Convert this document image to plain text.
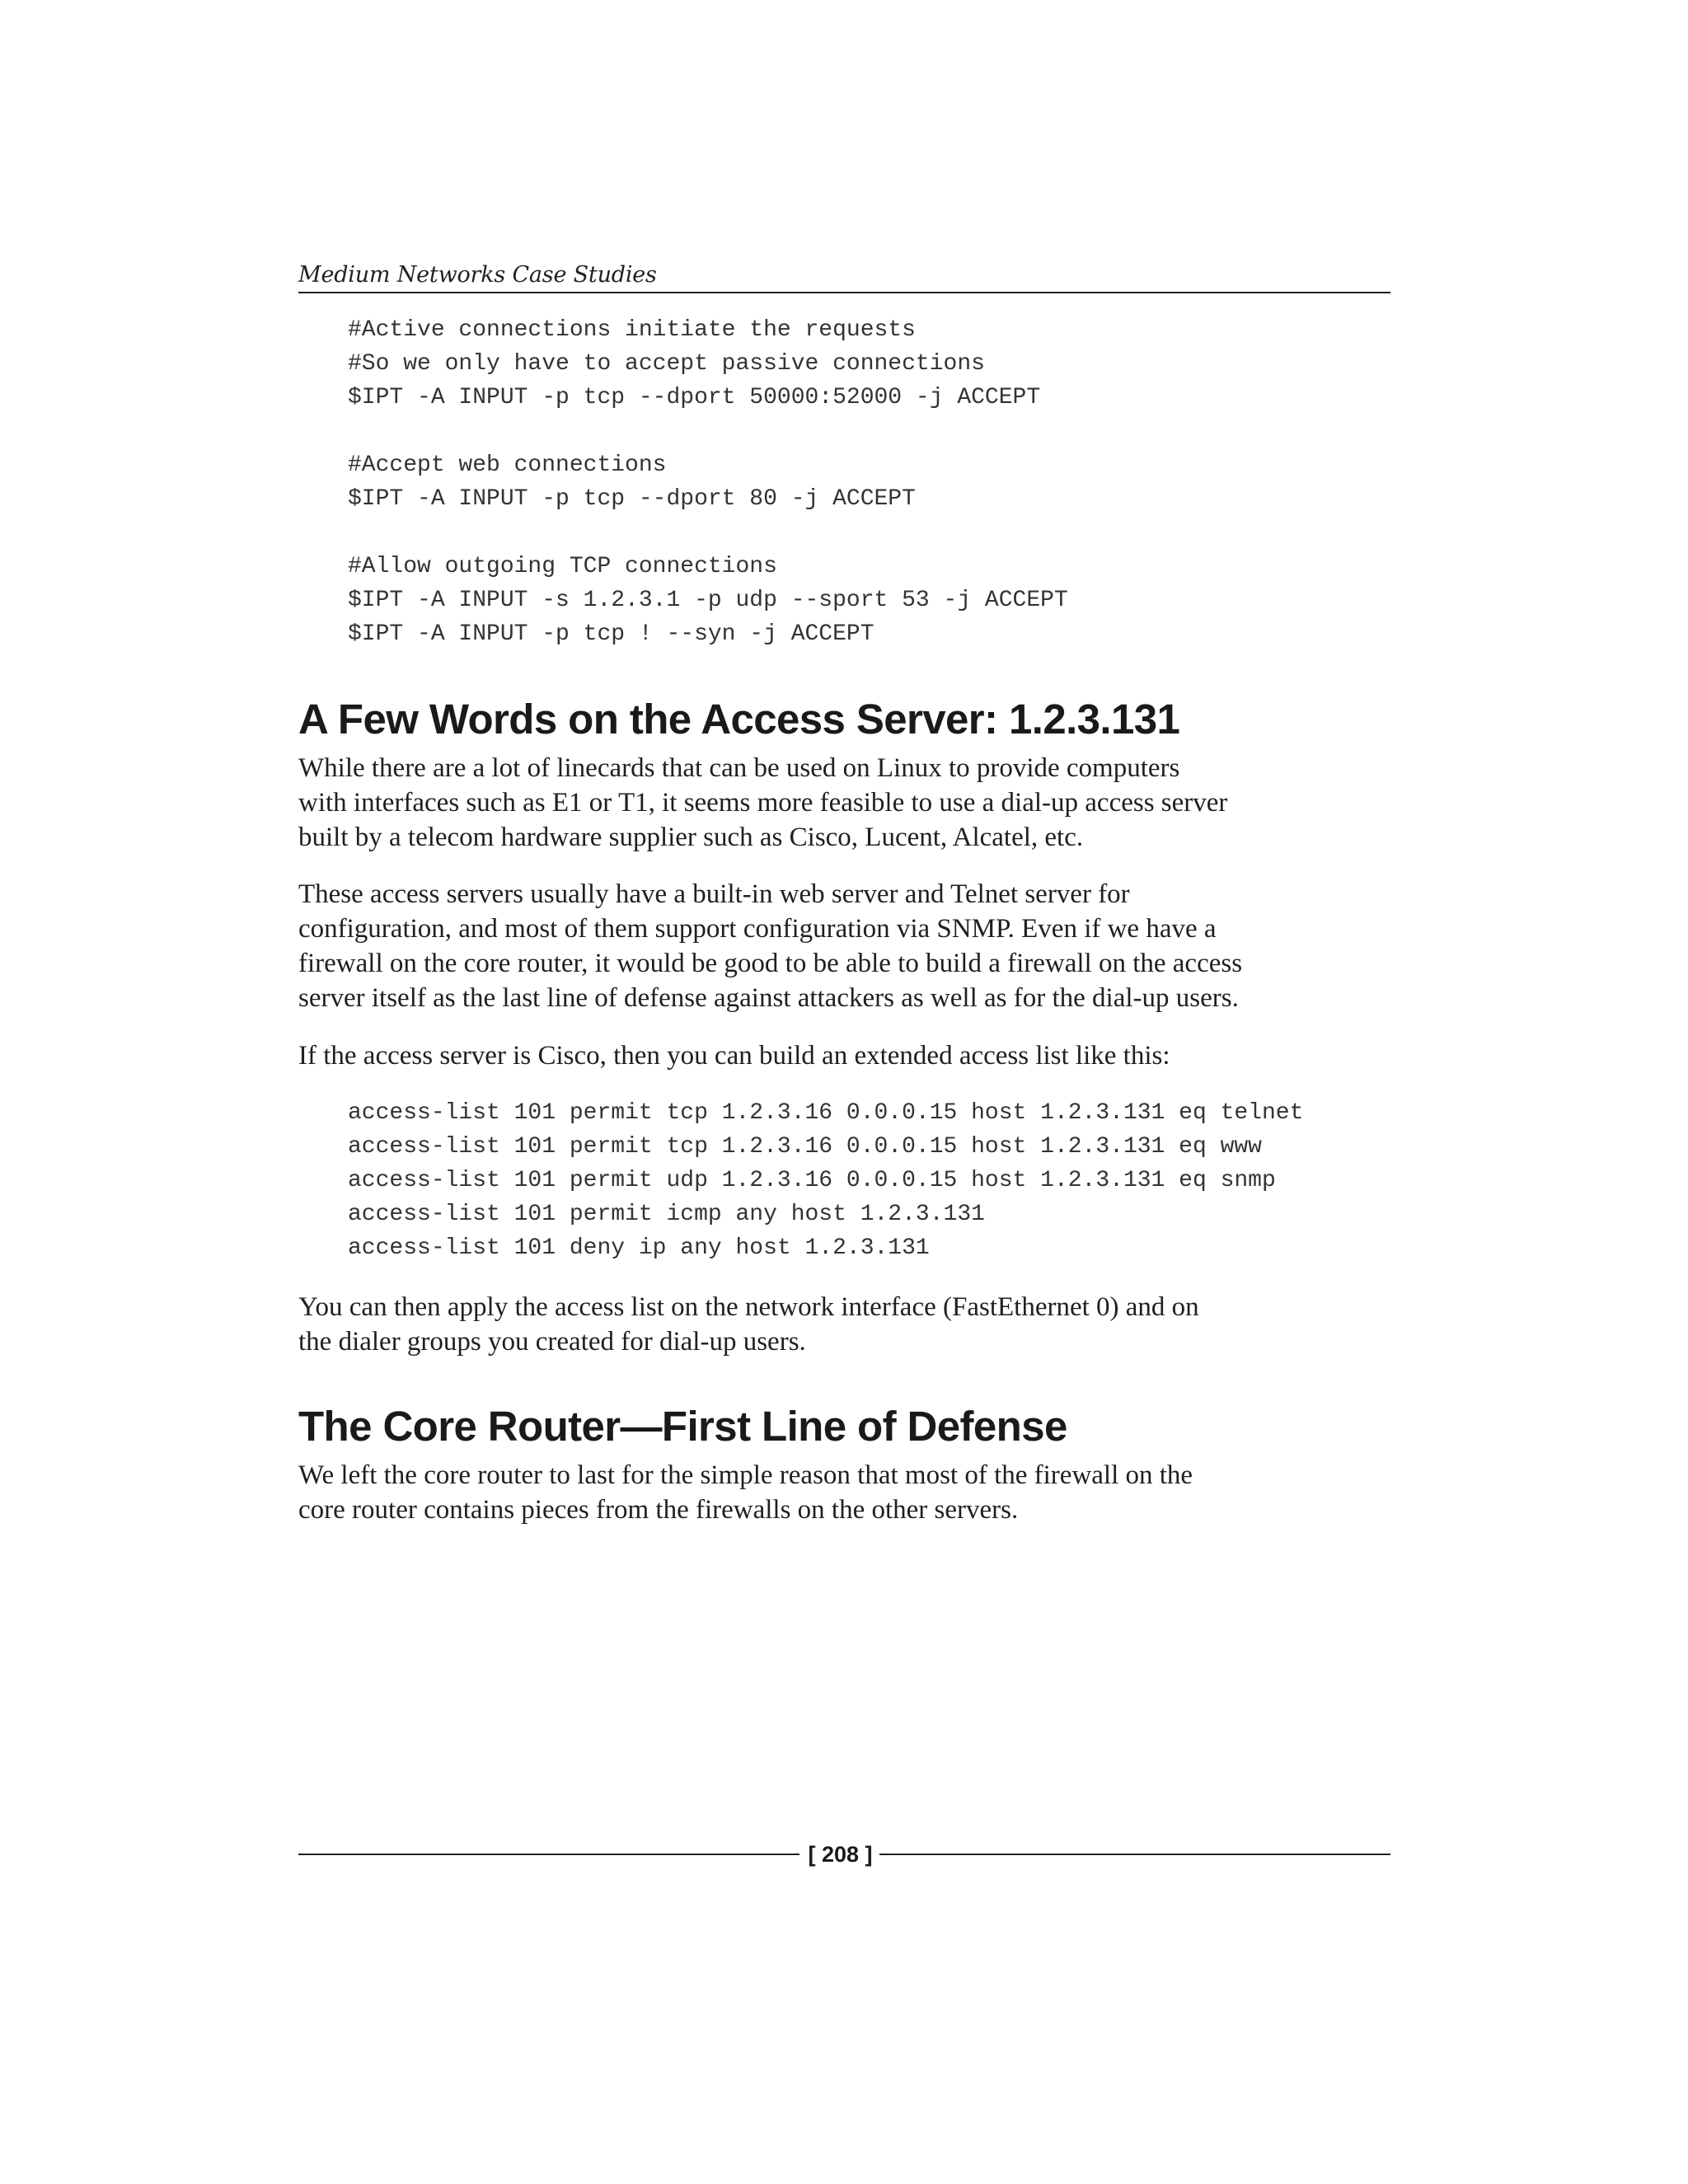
Medium Networks Case Studies
#Active connections initiate the requests
#So we only have to accept passive connections
$IPT -A INPUT -p tcp --dport 50000:52000 -j ACCEPT
#Accept web connections
$IPT -A INPUT -p tcp --dport 80 -j ACCEPT
#Allow outgoing TCP connections
$IPT -A INPUT -s 1.2.3.1 -p udp --sport 53 -j ACCEPT
$IPT -A INPUT -p tcp ! --syn -j ACCEPT
A Few Words on the Access Server: 1.2.3.131

While there are a lot of linecards that can be used on Linux to provide computers
with interfaces such as E1 or T1, it seems more feasible to use a dial-up access server
built by a telecom hardware supplier such as Cisco, Lucent, Alcatel, etc.

These access servers usually have a built-in web server and Telnet server for
configuration, and most of them support configuration via SNMP. Even if we have a
firewall on the core router, it would be good to be able to build a firewall on the access
server itself as the last line of defense against attackers as well as for the dial-up users.

If the access server is Cisco, then you can build an extended access list like this:

access-list 101 permit tcp 1.2.3.16 0.0.0.15 host 1.2.3.131 eq telnet
access-list 101 permit tcp 1.2.3.16 0.0.0.15 host 1.2.3.131 eq www
access-list 101 permit udp 1.2.3.16 0.0.0.15 host 1.2.3.131 eq snmp
access-list 101 permit icmp any host 1.2.3.131
access-list 101 deny ip any host 1.2.3.131

You can then apply the access list on the network interface (FastEthernet 0) and on
the dialer groups you created for dial-up users.

The Core Router—First Line of Defense

We left the core router to last for the simple reason that most of the firewall on the
core router contains pieces from the firewalls on the other servers.

[ 208 ]
